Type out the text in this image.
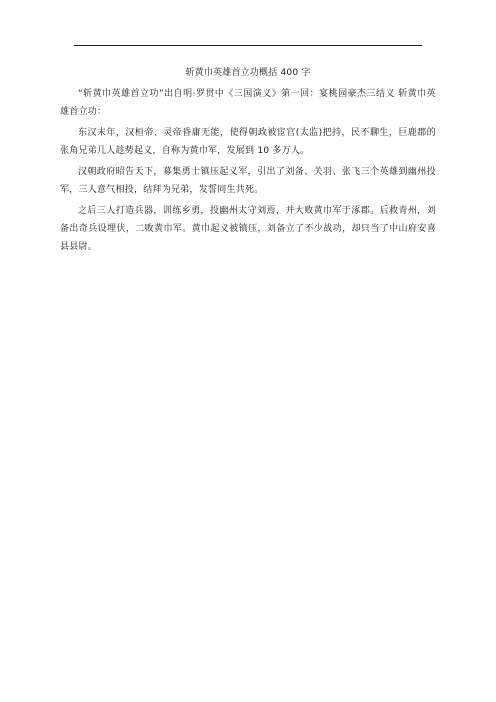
斩黄巾英雄首立功概括 400 字

“斩黄巾英雄首立功”出自明·罗贯中《三国演义》第一回：宴桃园豪杰三结义 斩黄巾英雄首立功：

东汉末年，汉桓帝、灵帝昏庸无能，使得朝政被宦官(太监)把持，民不聊生，巨鹿郡的张角兄弟几人趁势起义，自称为黄巾军，发展到 10 多万人。

汉朝政府昭告天下，募集勇士镇压起义军，引出了刘备、关羽、张飞三个英雄到幽州投军，三人意气相投，结拜为兄弟，发誓同生共死。

之后三人打造兵器，训练乡勇，投幽州太守刘焉，并大败黄巾军于涿郡。后救青州，刘备出奇兵设埋伏，二败黄巾军。黄巾起义被镇压，刘备立了不少战功，却只当了中山府安喜县县尉。
